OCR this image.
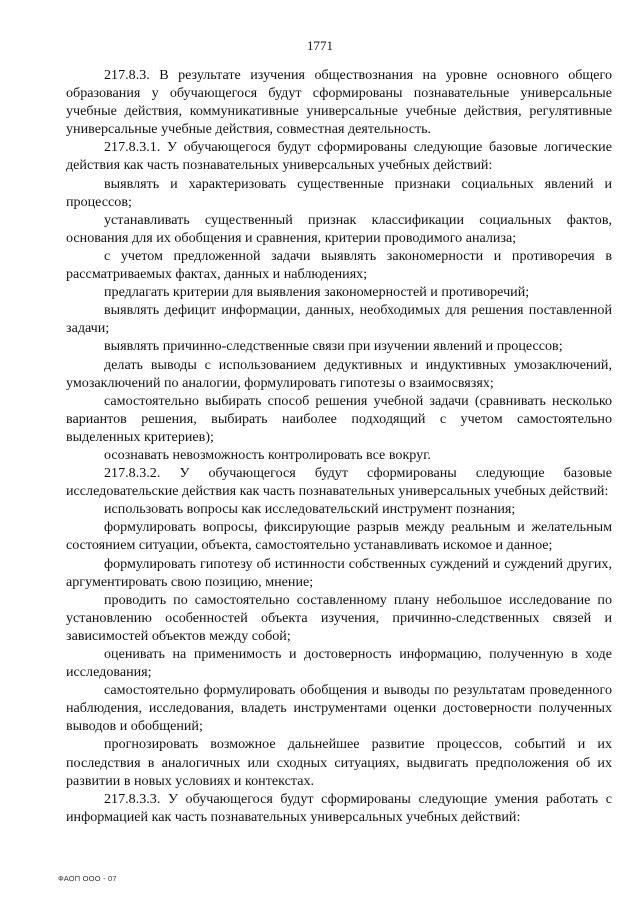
1771

217.8.3. В результате изучения обществознания на уровне основного общего образования у обучающегося будут сформированы познавательные универсальные учебные действия, коммуникативные универсальные учебные действия, регулятивные универсальные учебные действия, совместная деятельность.

217.8.3.1. У обучающегося будут сформированы следующие базовые логические действия как часть познавательных универсальных учебных действий:

выявлять и характеризовать существенные признаки социальных явлений и процессов;

устанавливать существенный признак классификации социальных фактов, основания для их обобщения и сравнения, критерии проводимого анализа;

с учетом предложенной задачи выявлять закономерности и противоречия в рассматриваемых фактах, данных и наблюдениях;

предлагать критерии для выявления закономерностей и противоречий;

выявлять дефицит информации, данных, необходимых для решения поставленной задачи;

выявлять причинно-следственные связи при изучении явлений и процессов;

делать выводы с использованием дедуктивных и индуктивных умозаключений, умозаключений по аналогии, формулировать гипотезы о взаимосвязях;

самостоятельно выбирать способ решения учебной задачи (сравнивать несколько вариантов решения, выбирать наиболее подходящий с учетом самостоятельно выделенных критериев);

осознавать невозможность контролировать все вокруг.

217.8.3.2. У обучающегося будут сформированы следующие базовые исследовательские действия как часть познавательных универсальных учебных действий:

использовать вопросы как исследовательский инструмент познания;

формулировать вопросы, фиксирующие разрыв между реальным и желательным состоянием ситуации, объекта, самостоятельно устанавливать искомое и данное;

формулировать гипотезу об истинности собственных суждений и суждений других, аргументировать свою позицию, мнение;

проводить по самостоятельно составленному плану небольшое исследование по установлению особенностей объекта изучения, причинно-следственных связей и зависимостей объектов между собой;

оценивать на применимость и достоверность информацию, полученную в ходе исследования;

самостоятельно формулировать обобщения и выводы по результатам проведенного наблюдения, исследования, владеть инструментами оценки достоверности полученных выводов и обобщений;

прогнозировать возможное дальнейшее развитие процессов, событий и их последствия в аналогичных или сходных ситуациях, выдвигать предположения об их развитии в новых условиях и контекстах.

217.8.3.3. У обучающегося будут сформированы следующие умения работать с информацией как часть познавательных универсальных учебных действий:

ФАОП ООО - 07
